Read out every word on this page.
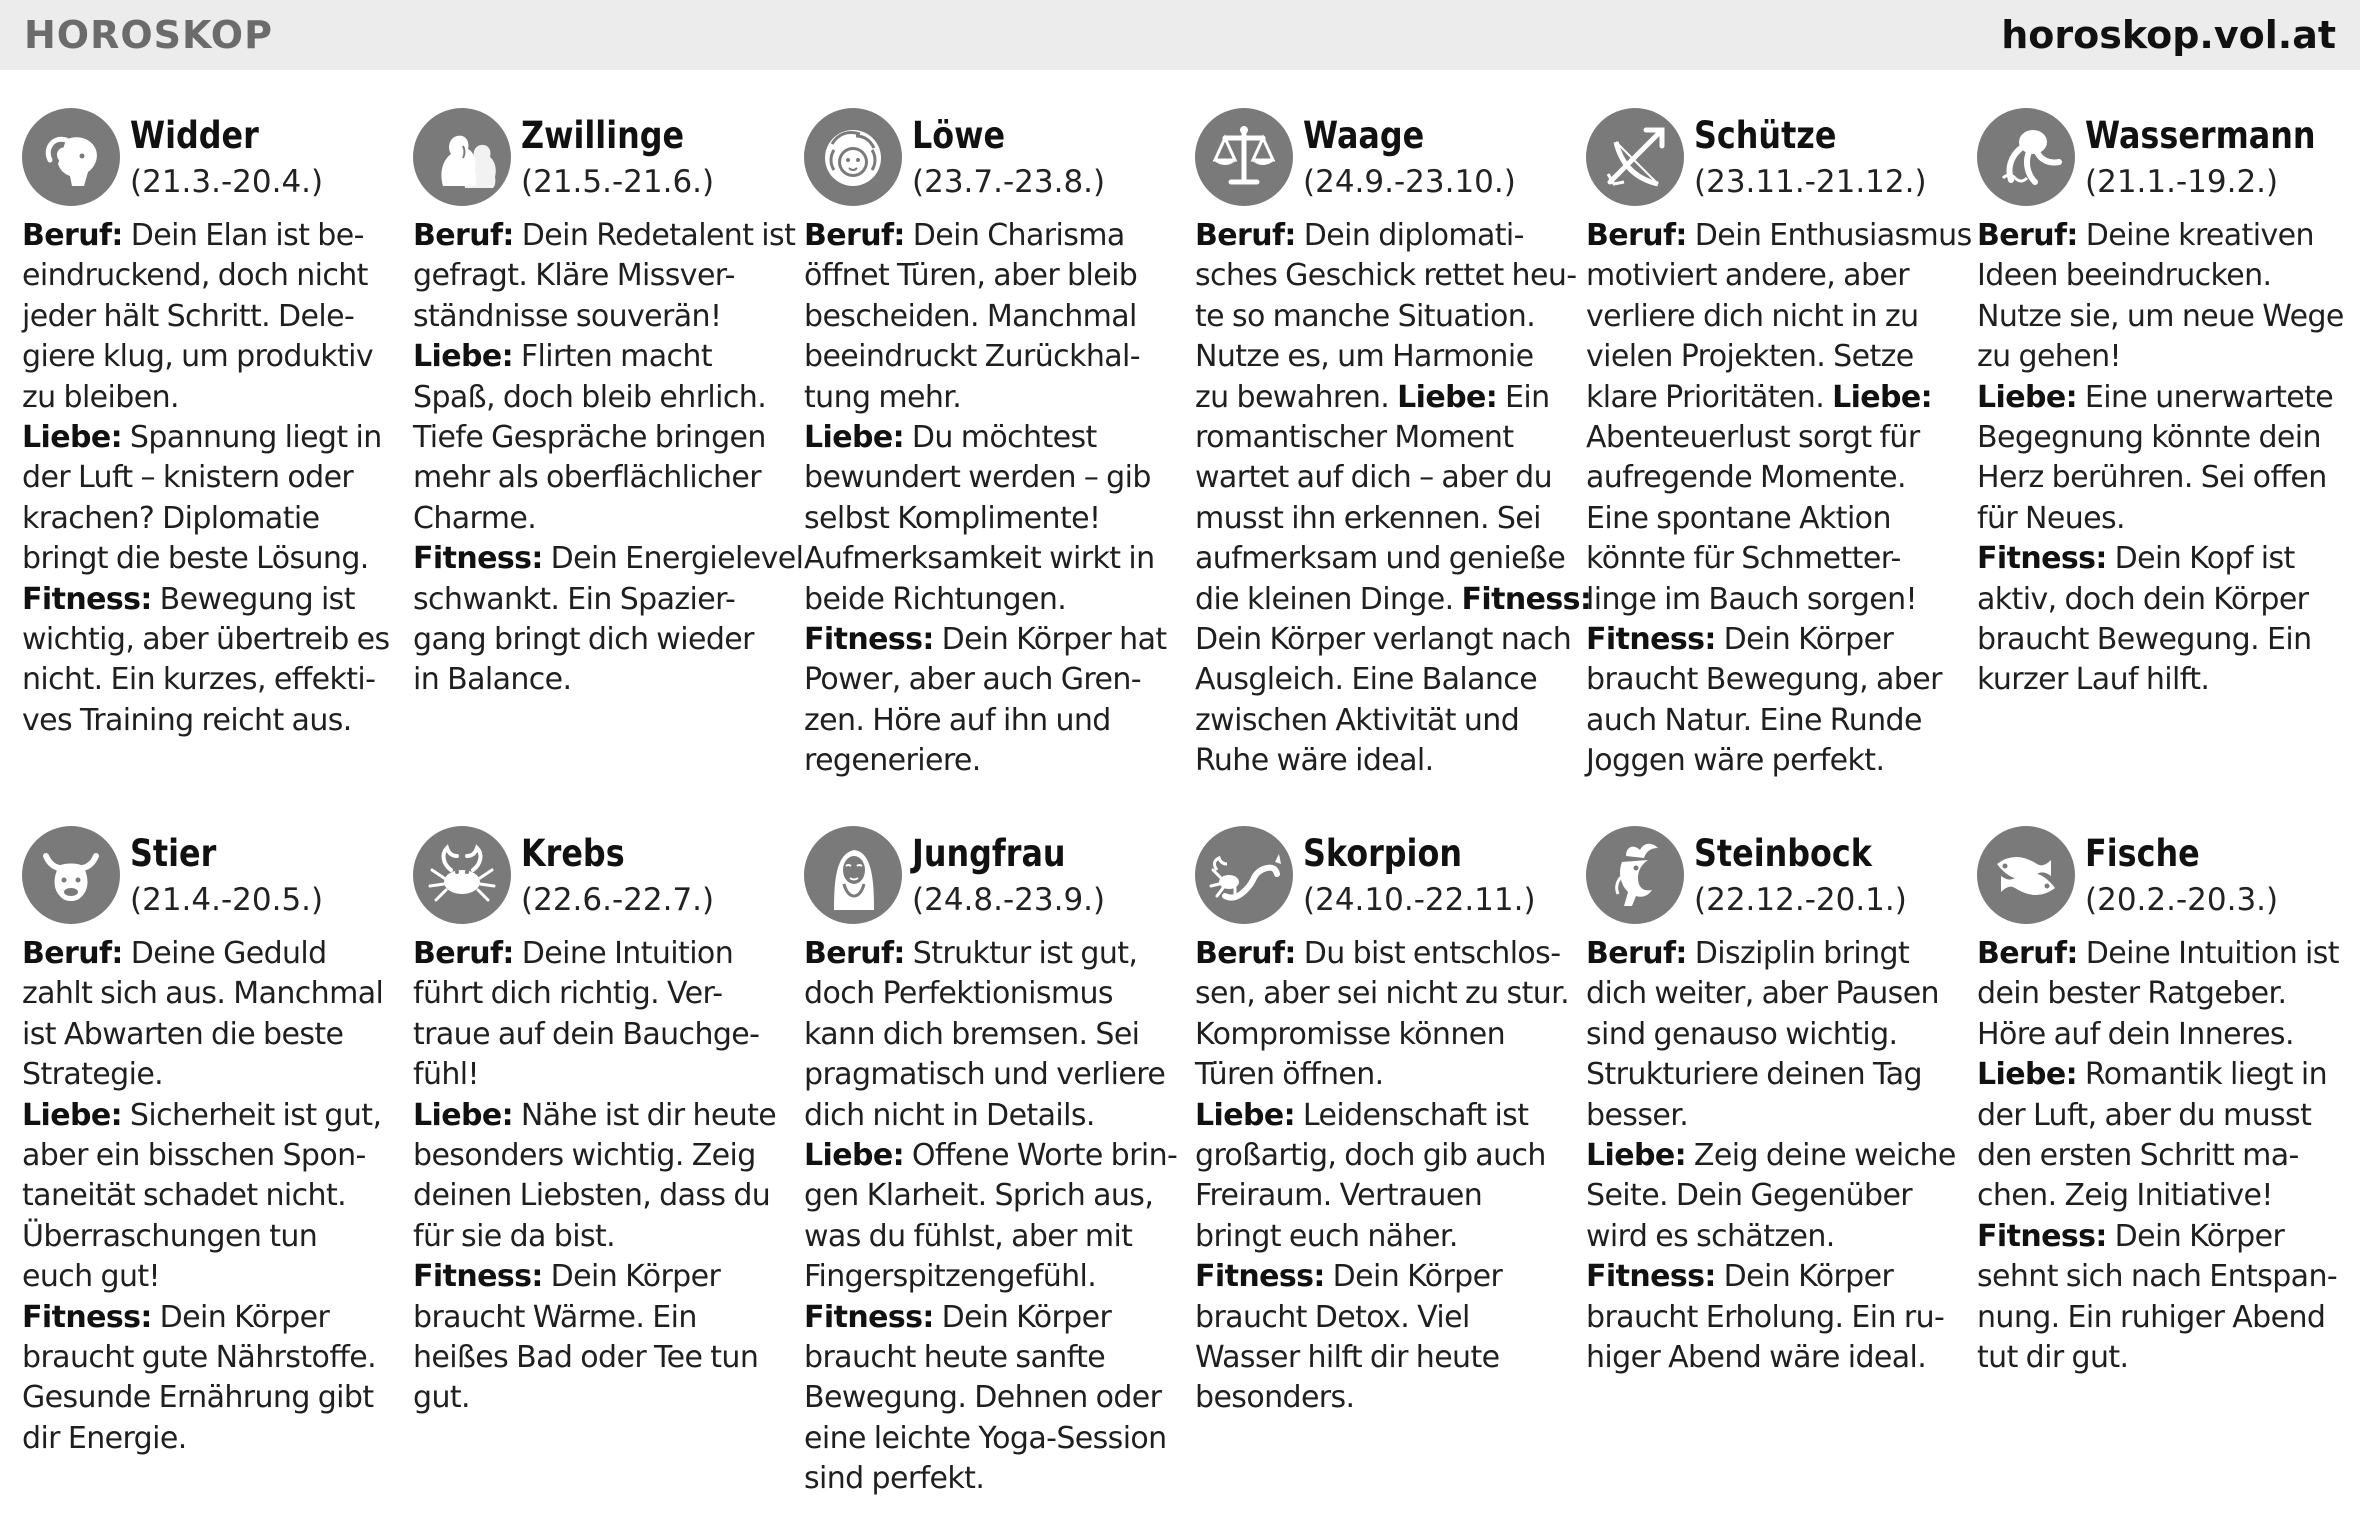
HOROSKOP	horoskop.vol.at
Widder
(21.3.-20.4.)
Beruf: Dein Elan ist be-
eindruckend, doch nicht
jeder hält Schritt. Dele-
giere klug, um produktiv
zu bleiben.
Liebe: Spannung liegt in
der Luft – knistern oder
krachen? Diplomatie
bringt die beste Lösung.
Fitness: Bewegung ist
wichtig, aber übertreib es
nicht. Ein kurzes, effekti-
ves Training reicht aus.
Zwillinge
(21.5.-21.6.)
Beruf: Dein Redetalent ist
gefragt. Kläre Missver-
ständnisse souverän!
Liebe: Flirten macht
Spaß, doch bleib ehrlich.
Tiefe Gespräche bringen
mehr als oberflächlicher
Charme.
Fitness: Dein Energielevel
schwankt. Ein Spazier-
gang bringt dich wieder
in Balance.
Löwe
(23.7.-23.8.)
Beruf: Dein Charisma
öffnet Türen, aber bleib
bescheiden. Manchmal
beeindruckt Zurückhal-
tung mehr.
Liebe: Du möchtest
bewundert werden – gib
selbst Komplimente!
Aufmerksamkeit wirkt in
beide Richtungen.
Fitness: Dein Körper hat
Power, aber auch Gren-
zen. Höre auf ihn und
regeneriere.
Waage
(24.9.-23.10.)
Beruf: Dein diplomati-
sches Geschick rettet heu-
te so manche Situation.
Nutze es, um Harmonie
zu bewahren. Liebe: Ein
romantischer Moment
wartet auf dich – aber du
musst ihn erkennen. Sei
aufmerksam und genieße
die kleinen Dinge. Fitness:
Dein Körper verlangt nach
Ausgleich. Eine Balance
zwischen Aktivität und
Ruhe wäre ideal.
Schütze
(23.11.-21.12.)
Beruf: Dein Enthusiasmus
motiviert andere, aber
verliere dich nicht in zu
vielen Projekten. Setze
klare Prioritäten. Liebe:
Abenteuerlust sorgt für
aufregende Momente.
Eine spontane Aktion
könnte für Schmetter-
linge im Bauch sorgen!
Fitness: Dein Körper
braucht Bewegung, aber
auch Natur. Eine Runde
Joggen wäre perfekt.
Wassermann
(21.1.-19.2.)
Beruf: Deine kreativen
Ideen beeindrucken.
Nutze sie, um neue Wege
zu gehen!
Liebe: Eine unerwartete
Begegnung könnte dein
Herz berühren. Sei offen
für Neues.
Fitness: Dein Kopf ist
aktiv, doch dein Körper
braucht Bewegung. Ein
kurzer Lauf hilft.
Stier
(21.4.-20.5.)
Beruf: Deine Geduld
zahlt sich aus. Manchmal
ist Abwarten die beste
Strategie.
Liebe: Sicherheit ist gut,
aber ein bisschen Spon-
taneität schadet nicht.
Überraschungen tun
euch gut!
Fitness: Dein Körper
braucht gute Nährstoffe.
Gesunde Ernährung gibt
dir Energie.
Krebs
(22.6.-22.7.)
Beruf: Deine Intuition
führt dich richtig. Ver-
traue auf dein Bauchge-
fühl!
Liebe: Nähe ist dir heute
besonders wichtig. Zeig
deinen Liebsten, dass du
für sie da bist.
Fitness: Dein Körper
braucht Wärme. Ein
heißes Bad oder Tee tun
gut.
Jungfrau
(24.8.-23.9.)
Beruf: Struktur ist gut,
doch Perfektionismus
kann dich bremsen. Sei
pragmatisch und verliere
dich nicht in Details.
Liebe: Offene Worte brin-
gen Klarheit. Sprich aus,
was du fühlst, aber mit
Fingerspitzengefühl.
Fitness: Dein Körper
braucht heute sanfte
Bewegung. Dehnen oder
eine leichte Yoga-Session
sind perfekt.
Skorpion
(24.10.-22.11.)
Beruf: Du bist entschlos-
sen, aber sei nicht zu stur.
Kompromisse können
Türen öffnen.
Liebe: Leidenschaft ist
großartig, doch gib auch
Freiraum. Vertrauen
bringt euch näher.
Fitness: Dein Körper
braucht Detox. Viel
Wasser hilft dir heute
besonders.
Steinbock
(22.12.-20.1.)
Beruf: Disziplin bringt
dich weiter, aber Pausen
sind genauso wichtig.
Strukturiere deinen Tag
besser.
Liebe: Zeig deine weiche
Seite. Dein Gegenüber
wird es schätzen.
Fitness: Dein Körper
braucht Erholung. Ein ru-
higer Abend wäre ideal.
Fische
(20.2.-20.3.)
Beruf: Deine Intuition ist
dein bester Ratgeber.
Höre auf dein Inneres.
Liebe: Romantik liegt in
der Luft, aber du musst
den ersten Schritt ma-
chen. Zeig Initiative!
Fitness: Dein Körper
sehnt sich nach Entspan-
nung. Ein ruhiger Abend
tut dir gut.
